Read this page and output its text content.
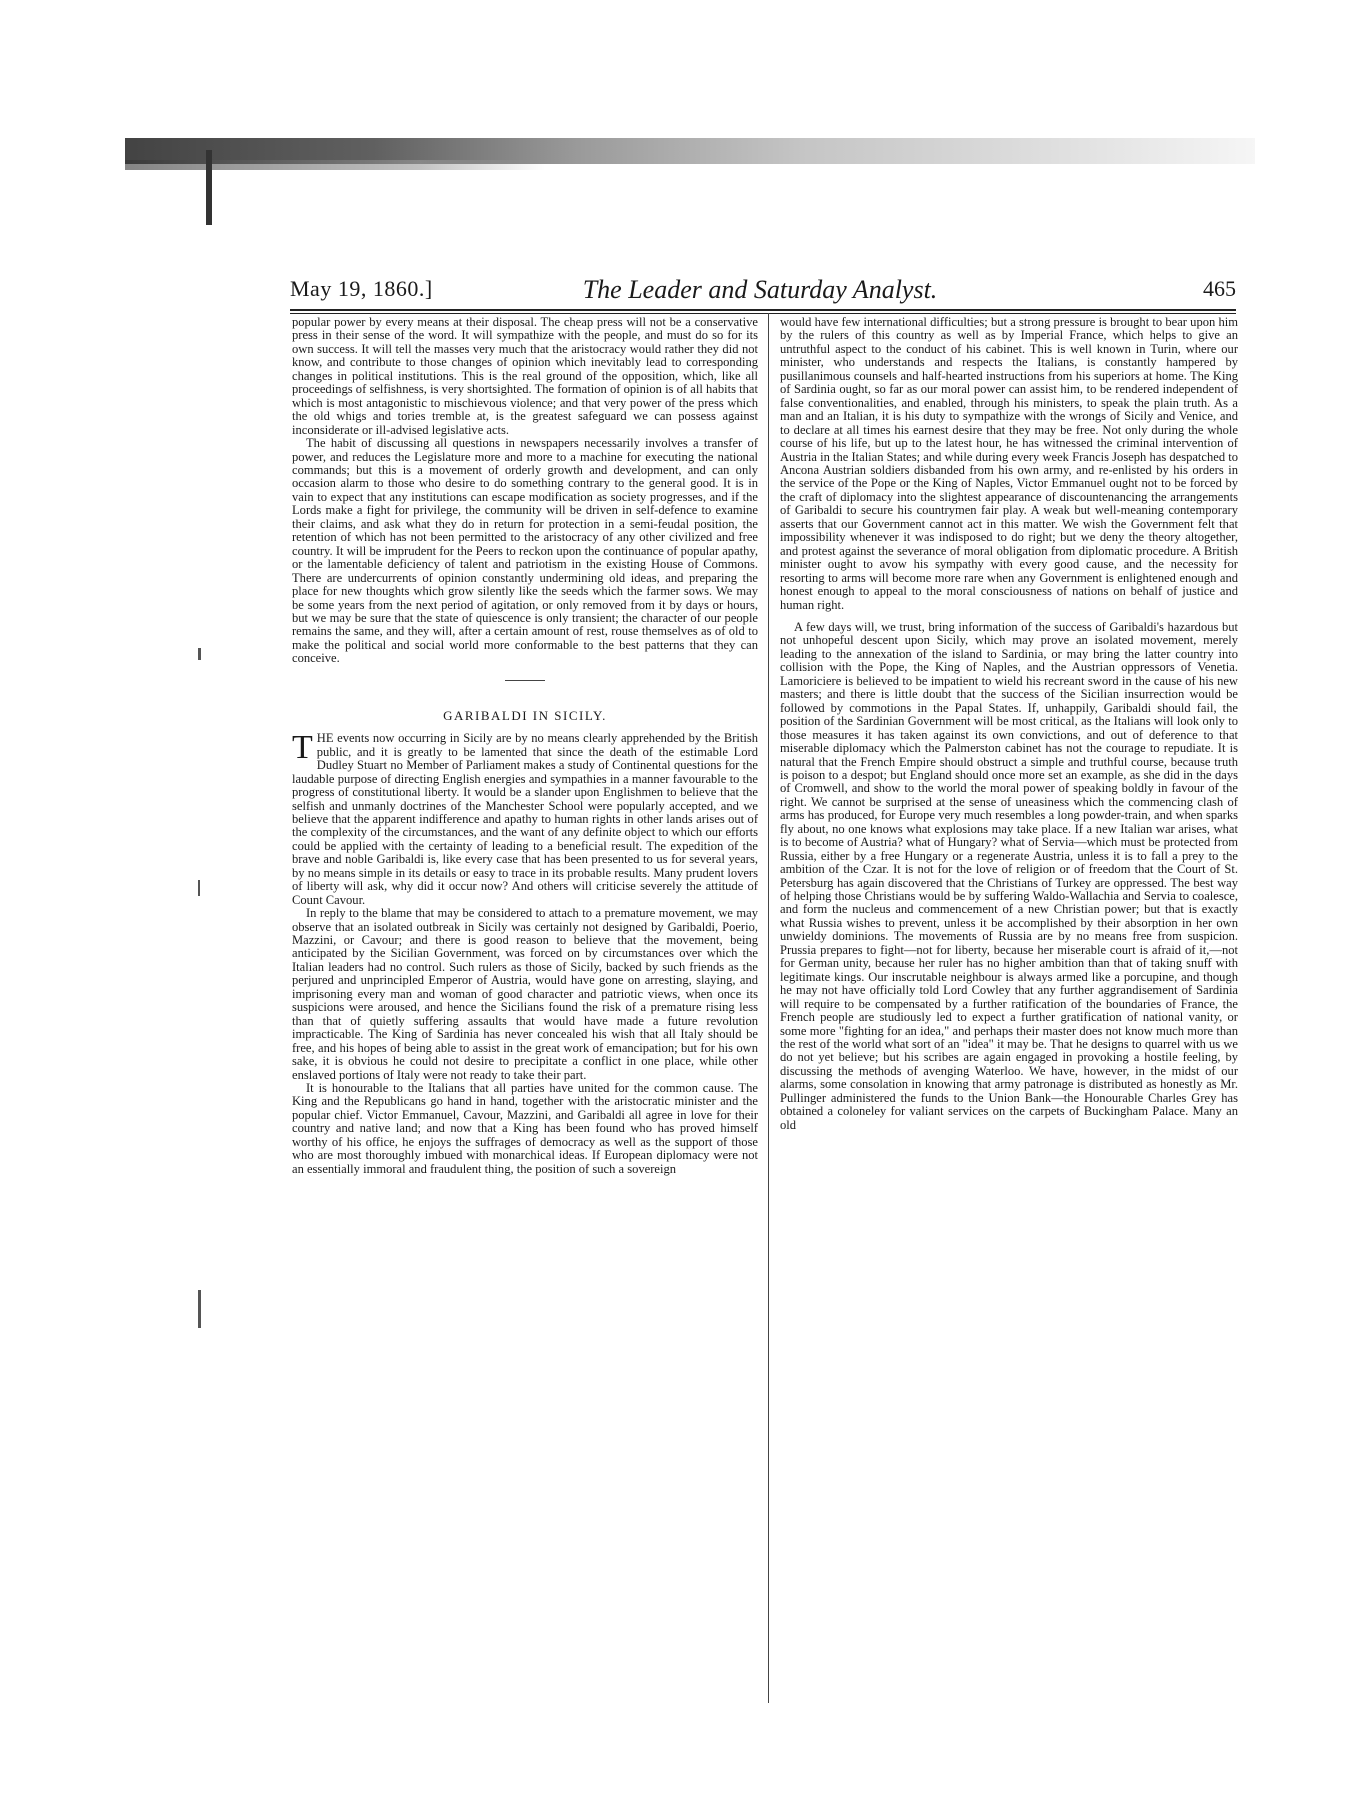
May 19, 1860.]	The Leader and Saturday Analyst.	465

popular power by every means at their disposal. The cheap press will not be a conservative press in their sense of the word. It will sympathize with the people, and must do so for its own success. It will tell the masses very much that the aristocracy would rather they did not know, and contribute to those changes of opinion which inevitably lead to corresponding changes in political institutions. This is the real ground of the opposition, which, like all proceedings of selfishness, is very shortsighted. The formation of opinion is of all habits that which is most antagonistic to mischievous violence; and that very power of the press which the old whigs and tories tremble at, is the greatest safeguard we can possess against inconsiderate or ill-advised legislative acts.

The habit of discussing all questions in newspapers necessarily involves a transfer of power, and reduces the Legislature more and more to a machine for executing the national commands; but this is a movement of orderly growth and development, and can only occasion alarm to those who desire to do something contrary to the general good. It is in vain to expect that any institutions can escape modification as society progresses, and if the Lords make a fight for privilege, the community will be driven in self-defence to examine their claims, and ask what they do in return for protection in a semi-feudal position, the retention of which has not been permitted to the aristocracy of any other civilized and free country. It will be imprudent for the Peers to reckon upon the continuance of popular apathy, or the lamentable deficiency of talent and patriotism in the existing House of Commons. There are undercurrents of opinion constantly undermining old ideas, and preparing the place for new thoughts which grow silently like the seeds which the farmer sows. We may be some years from the next period of agitation, or only removed from it by days or hours, but we may be sure that the state of quiescence is only transient; the character of our people remains the same, and they will, after a certain amount of rest, rouse themselves as of old to make the political and social world more conformable to the best patterns that they can conceive.

GARIBALDI IN SICILY.

THE events now occurring in Sicily are by no means clearly apprehended by the British public, and it is greatly to be lamented that since the death of the estimable Lord Dudley Stuart no Member of Parliament makes a study of Continental questions for the laudable purpose of directing English energies and sympathies in a manner favourable to the progress of constitutional liberty. It would be a slander upon Englishmen to believe that the selfish and unmanly doctrines of the Manchester School were popularly accepted, and we believe that the apparent indifference and apathy to human rights in other lands arises out of the complexity of the circumstances, and the want of any definite object to which our efforts could be applied with the certainty of leading to a beneficial result. The expedition of the brave and noble Garibaldi is, like every case that has been presented to us for several years, by no means simple in its details or easy to trace in its probable results. Many prudent lovers of liberty will ask, why did it occur now? And others will criticise severely the attitude of Count Cavour.

In reply to the blame that may be considered to attach to a premature movement, we may observe that an isolated outbreak in Sicily was certainly not designed by Garibaldi, Poerio, Mazzini, or Cavour; and there is good reason to believe that the movement, being anticipated by the Sicilian Government, was forced on by circumstances over which the Italian leaders had no control. Such rulers as those of Sicily, backed by such friends as the perjured and unprincipled Emperor of Austria, would have gone on arresting, slaying, and imprisoning every man and woman of good character and patriotic views, when once its suspicions were aroused, and hence the Sicilians found the risk of a premature rising less than that of quietly suffering assaults that would have made a future revolution impracticable. The King of Sardinia has never concealed his wish that all Italy should be free, and his hopes of being able to assist in the great work of emancipation; but for his own sake, it is obvious he could not desire to precipitate a conflict in one place, while other enslaved portions of Italy were not ready to take their part.

It is honourable to the Italians that all parties have united for the common cause. The King and the Republicans go hand in hand, together with the aristocratic minister and the popular chief. Victor Emmanuel, Cavour, Mazzini, and Garibaldi all agree in love for their country and native land; and now that a King has been found who has proved himself worthy of his office, he enjoys the suffrages of democracy as well as the support of those who are most thoroughly imbued with monarchical ideas. If European diplomacy were not an essentially immoral and fraudulent thing, the position of such a sovereign

would have few international difficulties; but a strong pressure is brought to bear upon him by the rulers of this country as well as by Imperial France, which helps to give an untruthful aspect to the conduct of his cabinet. This is well known in Turin, where our minister, who understands and respects the Italians, is constantly hampered by pusillanimous counsels and half-hearted instructions from his superiors at home. The King of Sardinia ought, so far as our moral power can assist him, to be rendered independent of false conventionalities, and enabled, through his ministers, to speak the plain truth. As a man and an Italian, it is his duty to sympathize with the wrongs of Sicily and Venice, and to declare at all times his earnest desire that they may be free. Not only during the whole course of his life, but up to the latest hour, he has witnessed the criminal intervention of Austria in the Italian States; and while during every week Francis Joseph has despatched to Ancona Austrian soldiers disbanded from his own army, and re-enlisted by his orders in the service of the Pope or the King of Naples, Victor Emmanuel ought not to be forced by the craft of diplomacy into the slightest appearance of discountenancing the arrangements of Garibaldi to secure his countrymen fair play. A weak but well-meaning contemporary asserts that our Government cannot act in this matter. We wish the Government felt that impossibility whenever it was indisposed to do right; but we deny the theory altogether, and protest against the severance of moral obligation from diplomatic procedure. A British minister ought to avow his sympathy with every good cause, and the necessity for resorting to arms will become more rare when any Government is enlightened enough and honest enough to appeal to the moral consciousness of nations on behalf of justice and human right.

A few days will, we trust, bring information of the success of Garibaldi's hazardous but not unhopeful descent upon Sicily, which may prove an isolated movement, merely leading to the annexation of the island to Sardinia, or may bring the latter country into collision with the Pope, the King of Naples, and the Austrian oppressors of Venetia. Lamoriciere is believed to be impatient to wield his recreant sword in the cause of his new masters; and there is little doubt that the success of the Sicilian insurrection would be followed by commotions in the Papal States. If, unhappily, Garibaldi should fail, the position of the Sardinian Government will be most critical, as the Italians will look only to those measures it has taken against its own convictions, and out of deference to that miserable diplomacy which the Palmerston cabinet has not the courage to repudiate. It is natural that the French Empire should obstruct a simple and truthful course, because truth is poison to a despot; but England should once more set an example, as she did in the days of Cromwell, and show to the world the moral power of speaking boldly in favour of the right. We cannot be surprised at the sense of uneasiness which the commencing clash of arms has produced, for Europe very much resembles a long powder-train, and when sparks fly about, no one knows what explosions may take place. If a new Italian war arises, what is to become of Austria? what of Hungary? what of Servia—which must be protected from Russia, either by a free Hungary or a regenerate Austria, unless it is to fall a prey to the ambition of the Czar. It is not for the love of religion or of freedom that the Court of St. Petersburg has again discovered that the Christians of Turkey are oppressed. The best way of helping those Christians would be by suffering Waldo-Wallachia and Servia to coalesce, and form the nucleus and commencement of a new Christian power; but that is exactly what Russia wishes to prevent, unless it be accomplished by their absorption in her own unwieldy dominions. The movements of Russia are by no means free from suspicion. Prussia prepares to fight—not for liberty, because her miserable court is afraid of it,—not for German unity, because her ruler has no higher ambition than that of taking snuff with legitimate kings. Our inscrutable neighbour is always armed like a porcupine, and though he may not have officially told Lord Cowley that any further aggrandisement of Sardinia will require to be compensated by a further ratification of the boundaries of France, the French people are studiously led to expect a further gratification of national vanity, or some more "fighting for an idea," and perhaps their master does not know much more than the rest of the world what sort of an "idea" it may be. That he designs to quarrel with us we do not yet believe; but his scribes are again engaged in provoking a hostile feeling, by discussing the methods of avenging Waterloo. We have, however, in the midst of our alarms, some consolation in knowing that army patronage is distributed as honestly as Mr. Pullinger administered the funds to the Union Bank—the Honourable Charles Grey has obtained a coloneley for valiant services on the carpets of Buckingham Palace. Many an old
